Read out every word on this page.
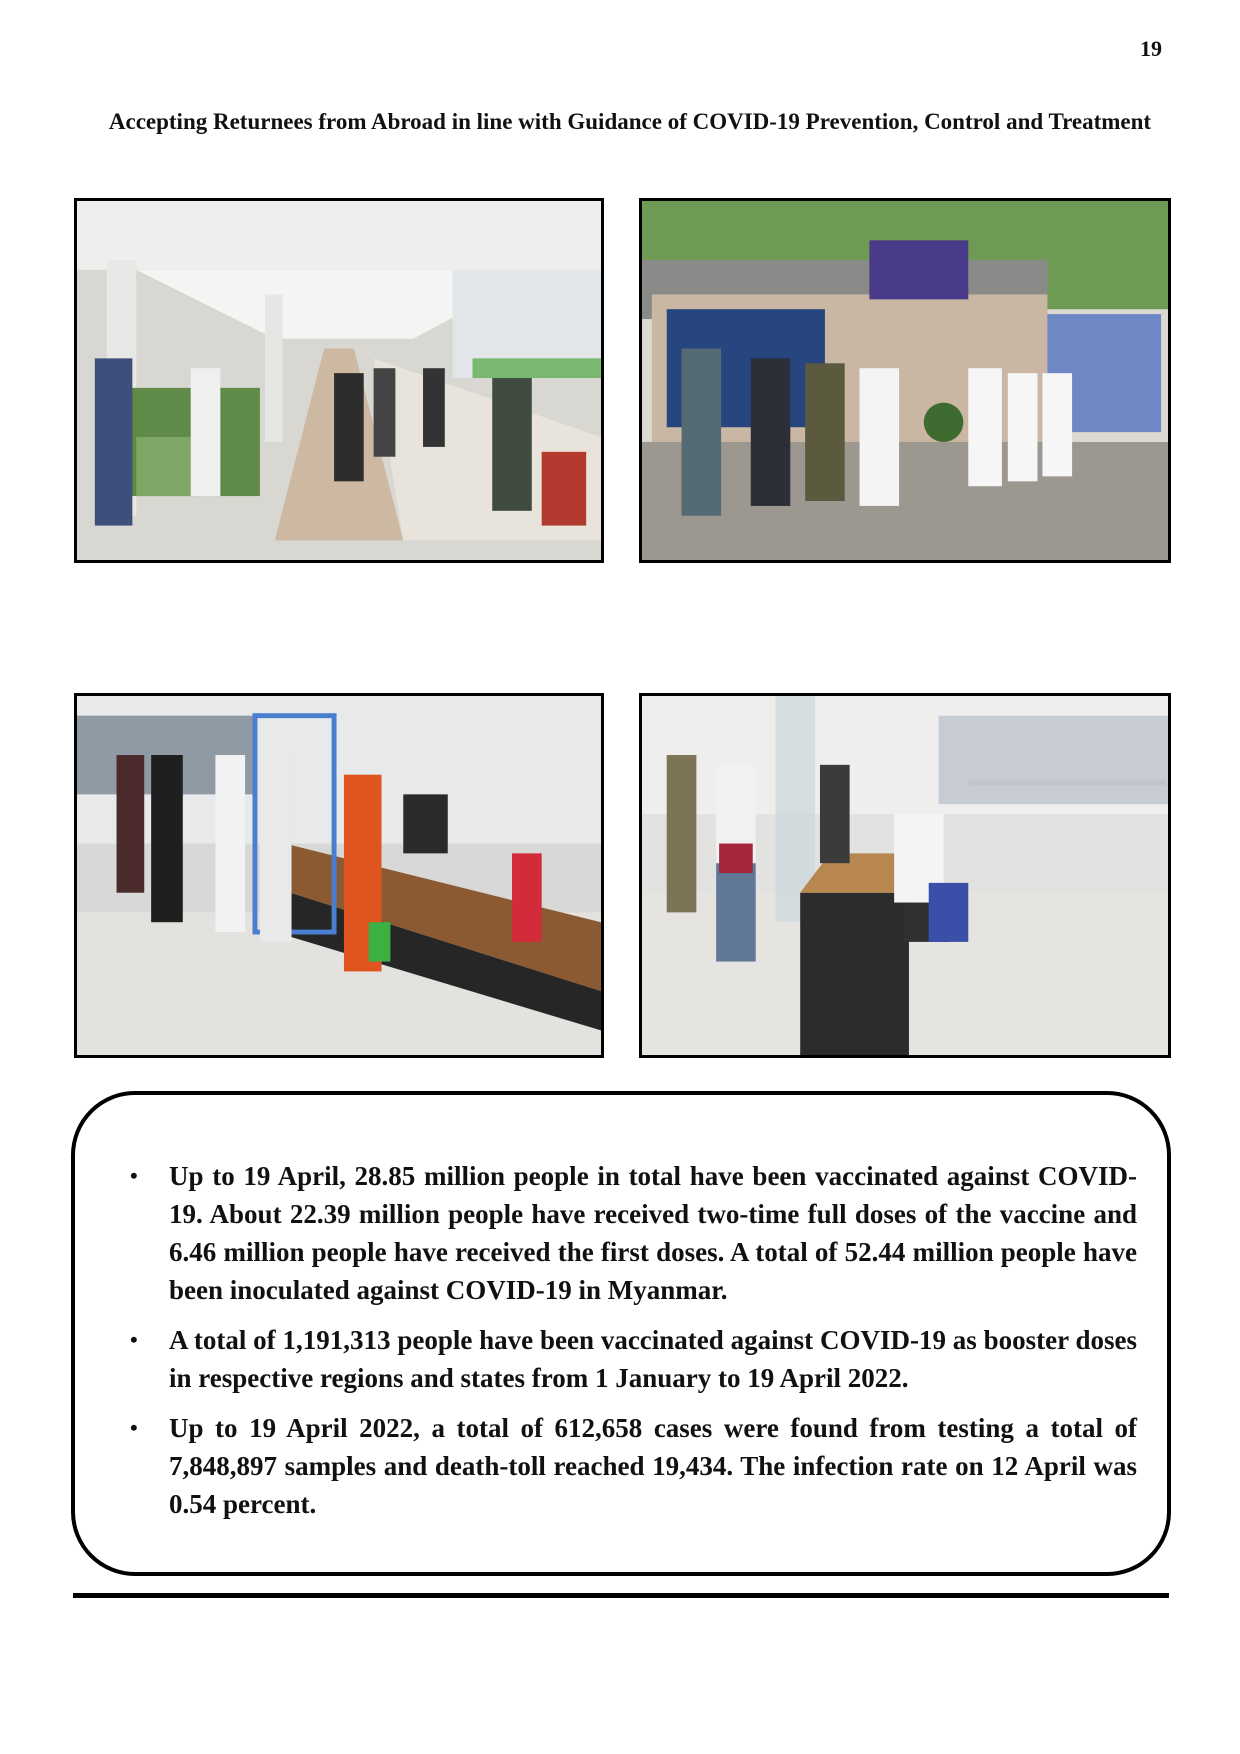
19
Accepting Returnees from Abroad in line with Guidance of COVID-19 Prevention, Control and Treatment
• Up to 19 April, 28.85 million people in total have been vaccinated against COVID-19. About 22.39 million people have received two-time full doses of the vaccine and 6.46 million people have received the first doses. A total of 52.44 million people have been inoculated against COVID-19 in Myanmar.
• A total of 1,191,313 people have been vaccinated against COVID-19 as booster doses in respective regions and states from 1 January to 19 April 2022.
• Up to 19 April 2022, a total of 612,658 cases were found from testing a total of 7,848,897 samples and death-toll reached 19,434. The infection rate on 12 April was 0.54 percent.
